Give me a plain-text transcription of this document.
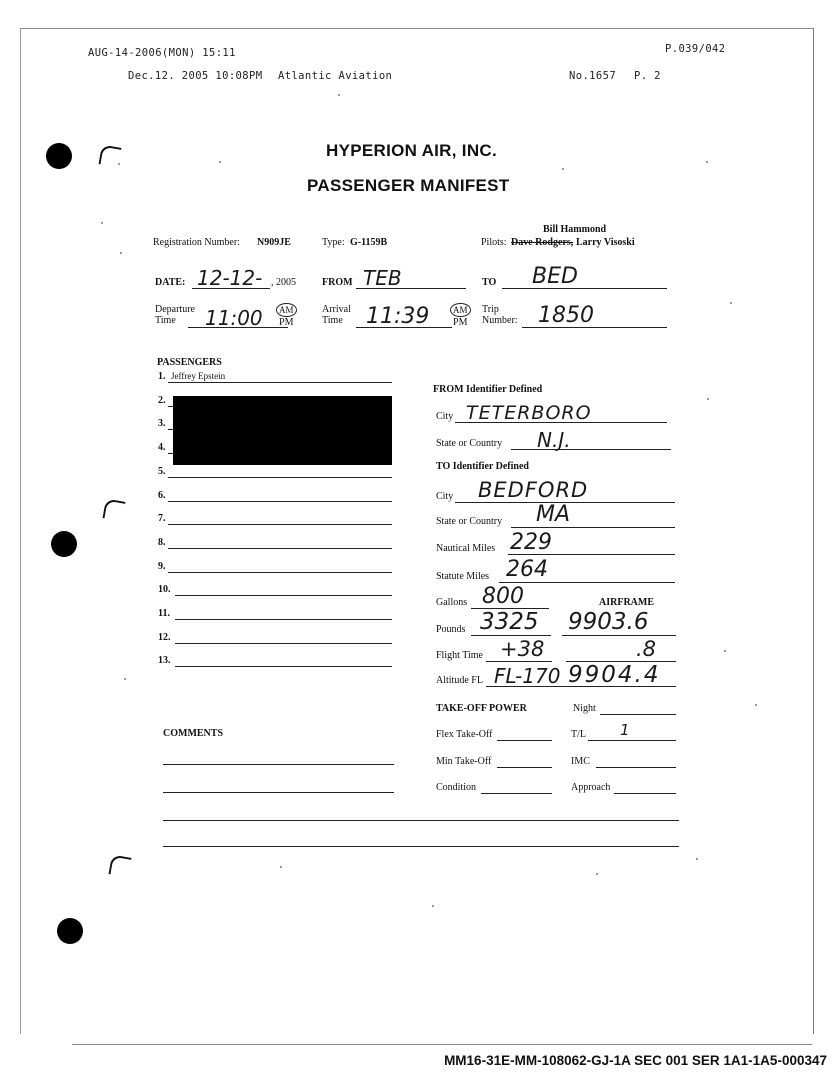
AUG-14-2006(MON) 15:11	P.039/042
Dec.12. 2005 10:08PM Atlantic Aviation	No.1657 P. 2
HYPERION AIR, INC.
PASSENGER MANIFEST
Registration Number: N909JE	Type: G-1159B
Bill Hammond
Pilots: Dave Rodgers, Larry Visoski
DATE: 12-12- , 2005	FROM TEB	TO BED
Departure
Time	11:00	AM
PM
Arrival
Time	11:39	AM
PM
Trip
Number: 1850
PASSENGERS
1. Jeffrey Epstein
2.
3.
4.
5.
6.
7.
8.
9.
10.
11.
12.
13.
COMMENTS
FROM Identifier Defined
City TETERBORO
State or Country N.J.
TO Identifier Defined
City BEDFORD
State or Country MA
Nautical Miles 229
Statute Miles 264
Gallons 800	AIRFRAME
Pounds 3325 9903.6
Flight Time +38	.8
Altitude FL FL-170 9904.4
TAKE-OFF POWER	Night
Flex Take-Off	T/L 1
Min Take-Off	IMC
Condition	Approach
MM16-31E-MM-108062-GJ-1A SEC 001 SER 1A1-1A5-000347
